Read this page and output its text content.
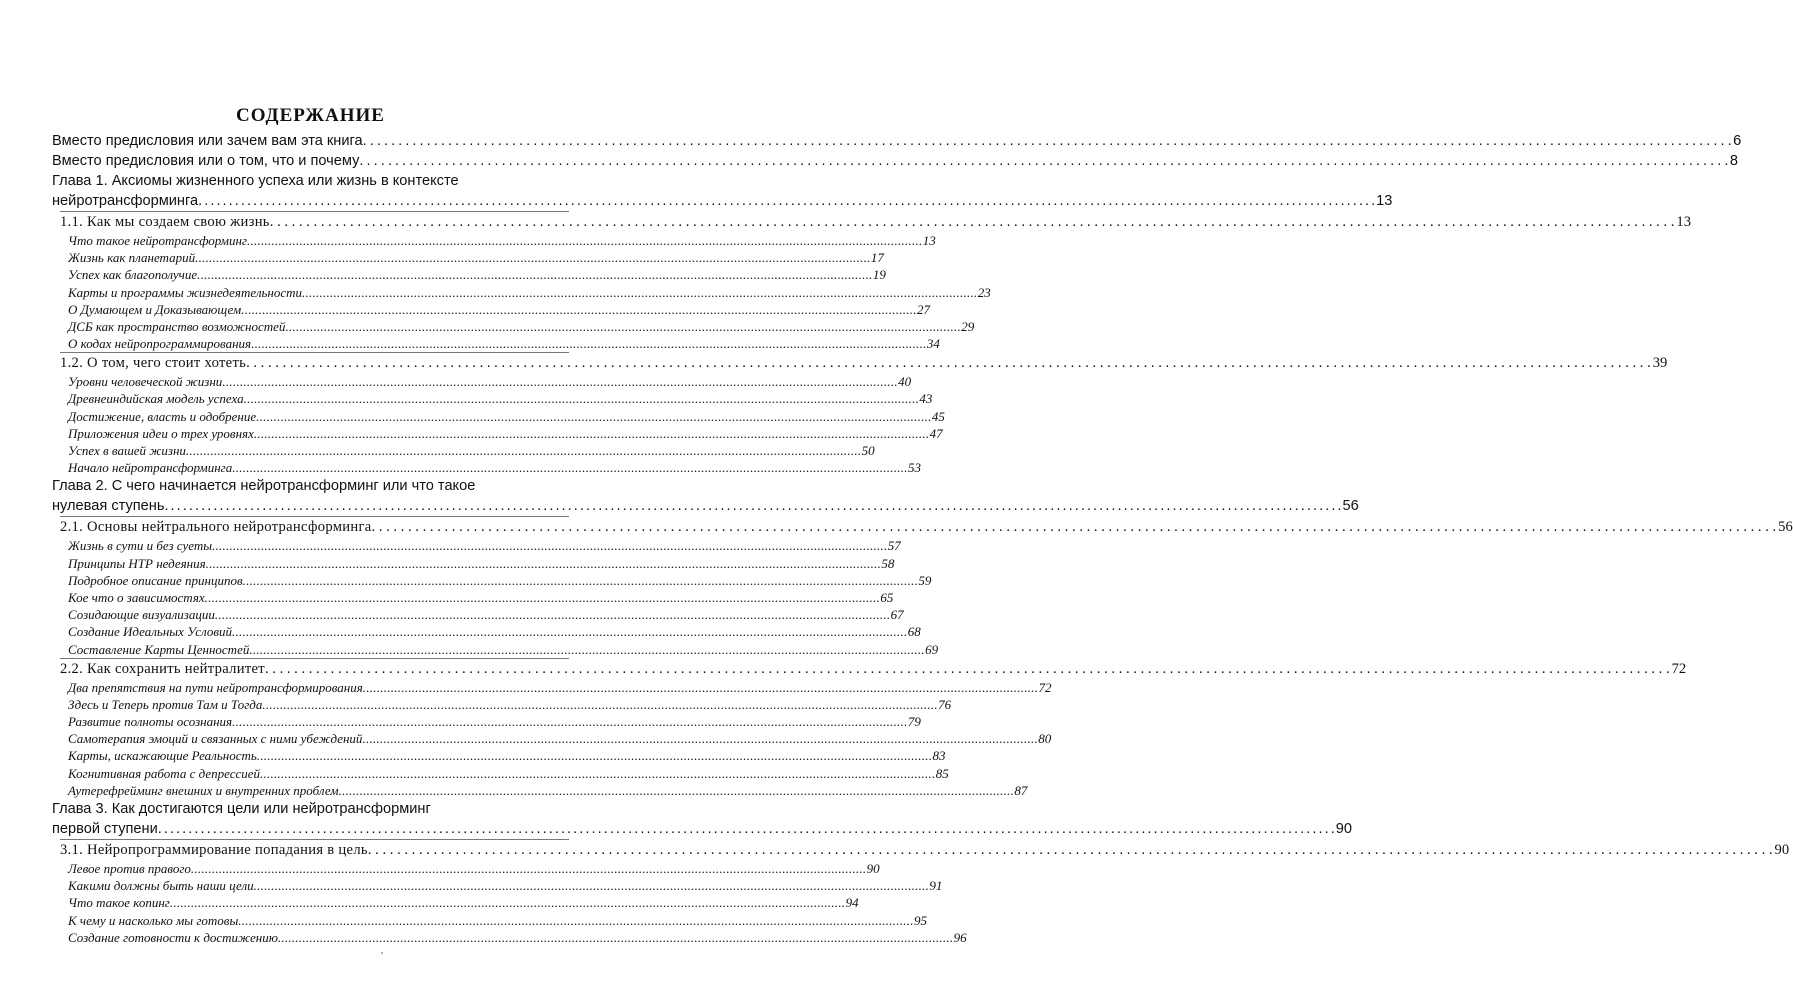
СОДЕРЖАНИЕ
Вместо предисловия или зачем вам эта книга . . .	6
Вместо предисловия или о том, что и почему . . .	8
Глава 1. Аксиомы жизненного успеха или жизнь в контексте
нейротрансформинга . . .	13
1.1. Как мы создаем свою жизнь . . .	13
Что такое нейротрансформинг . . .	13
Жизнь как планетарий . . .	17
Успех как благополучие . . .	19
Карты и программы жизнедеятельности . . .	23
О Думающем и Доказывающем . . .	27
ДСБ как пространство возможностей . . .	29
О кодах нейропрограммирования . . .	34
1.2. О том, чего стоит хотеть . . .	39
Уровни человеческой жизни . . .	40
Древнеиндийская модель успеха . . .	43
Достижение, власть и одобрение . . .	45
Приложения идеи о трех уровнях . . .	47
Успех в вашей жизни . . .	50
Начало нейротрансформинга . . .	53
Глава 2. С чего начинается нейротрансформинг или что такое
нулевая ступень . . .	56
2.1. Основы нейтрального нейротрансформинга . . .	56
Жизнь в сути и без суеты . . .	57
Принципы НТР недеяния . . .	58
Подробное описание принципов . . .	59
Кое что о зависимостях . . .	65
Созидающие визуализации . . .	67
Создание Идеальных Условий . . .	68
Составление Карты Ценностей . . .	69
2.2. Как сохранить нейтралитет . . .	72
Два препятствия на пути нейротрансформирования . . .	72
Здесь и Теперь против Там и Тогда . . .	76
Развитие полноты осознания . . .	79
Самотерапия эмоций и связанных с ними убеждений . . .	80
Карты, искажающие Реальность . . .	83
Когнитивная работа с депрессией . . .	85
Аутерефрейминг внешних и внутренних проблем . . .	87
Глава 3. Как достигаются цели или нейротрансформинг
первой ступени . . .	90
3.1. Нейропрограммирование попадания в цель . . .	90
Левое против правого . . .	90
Какими должны быть наши цели . . .	91
Что такое копинг . . .	94
К чему и насколько мы готовы . . .	95
Создание готовности к достижению . . .	96
